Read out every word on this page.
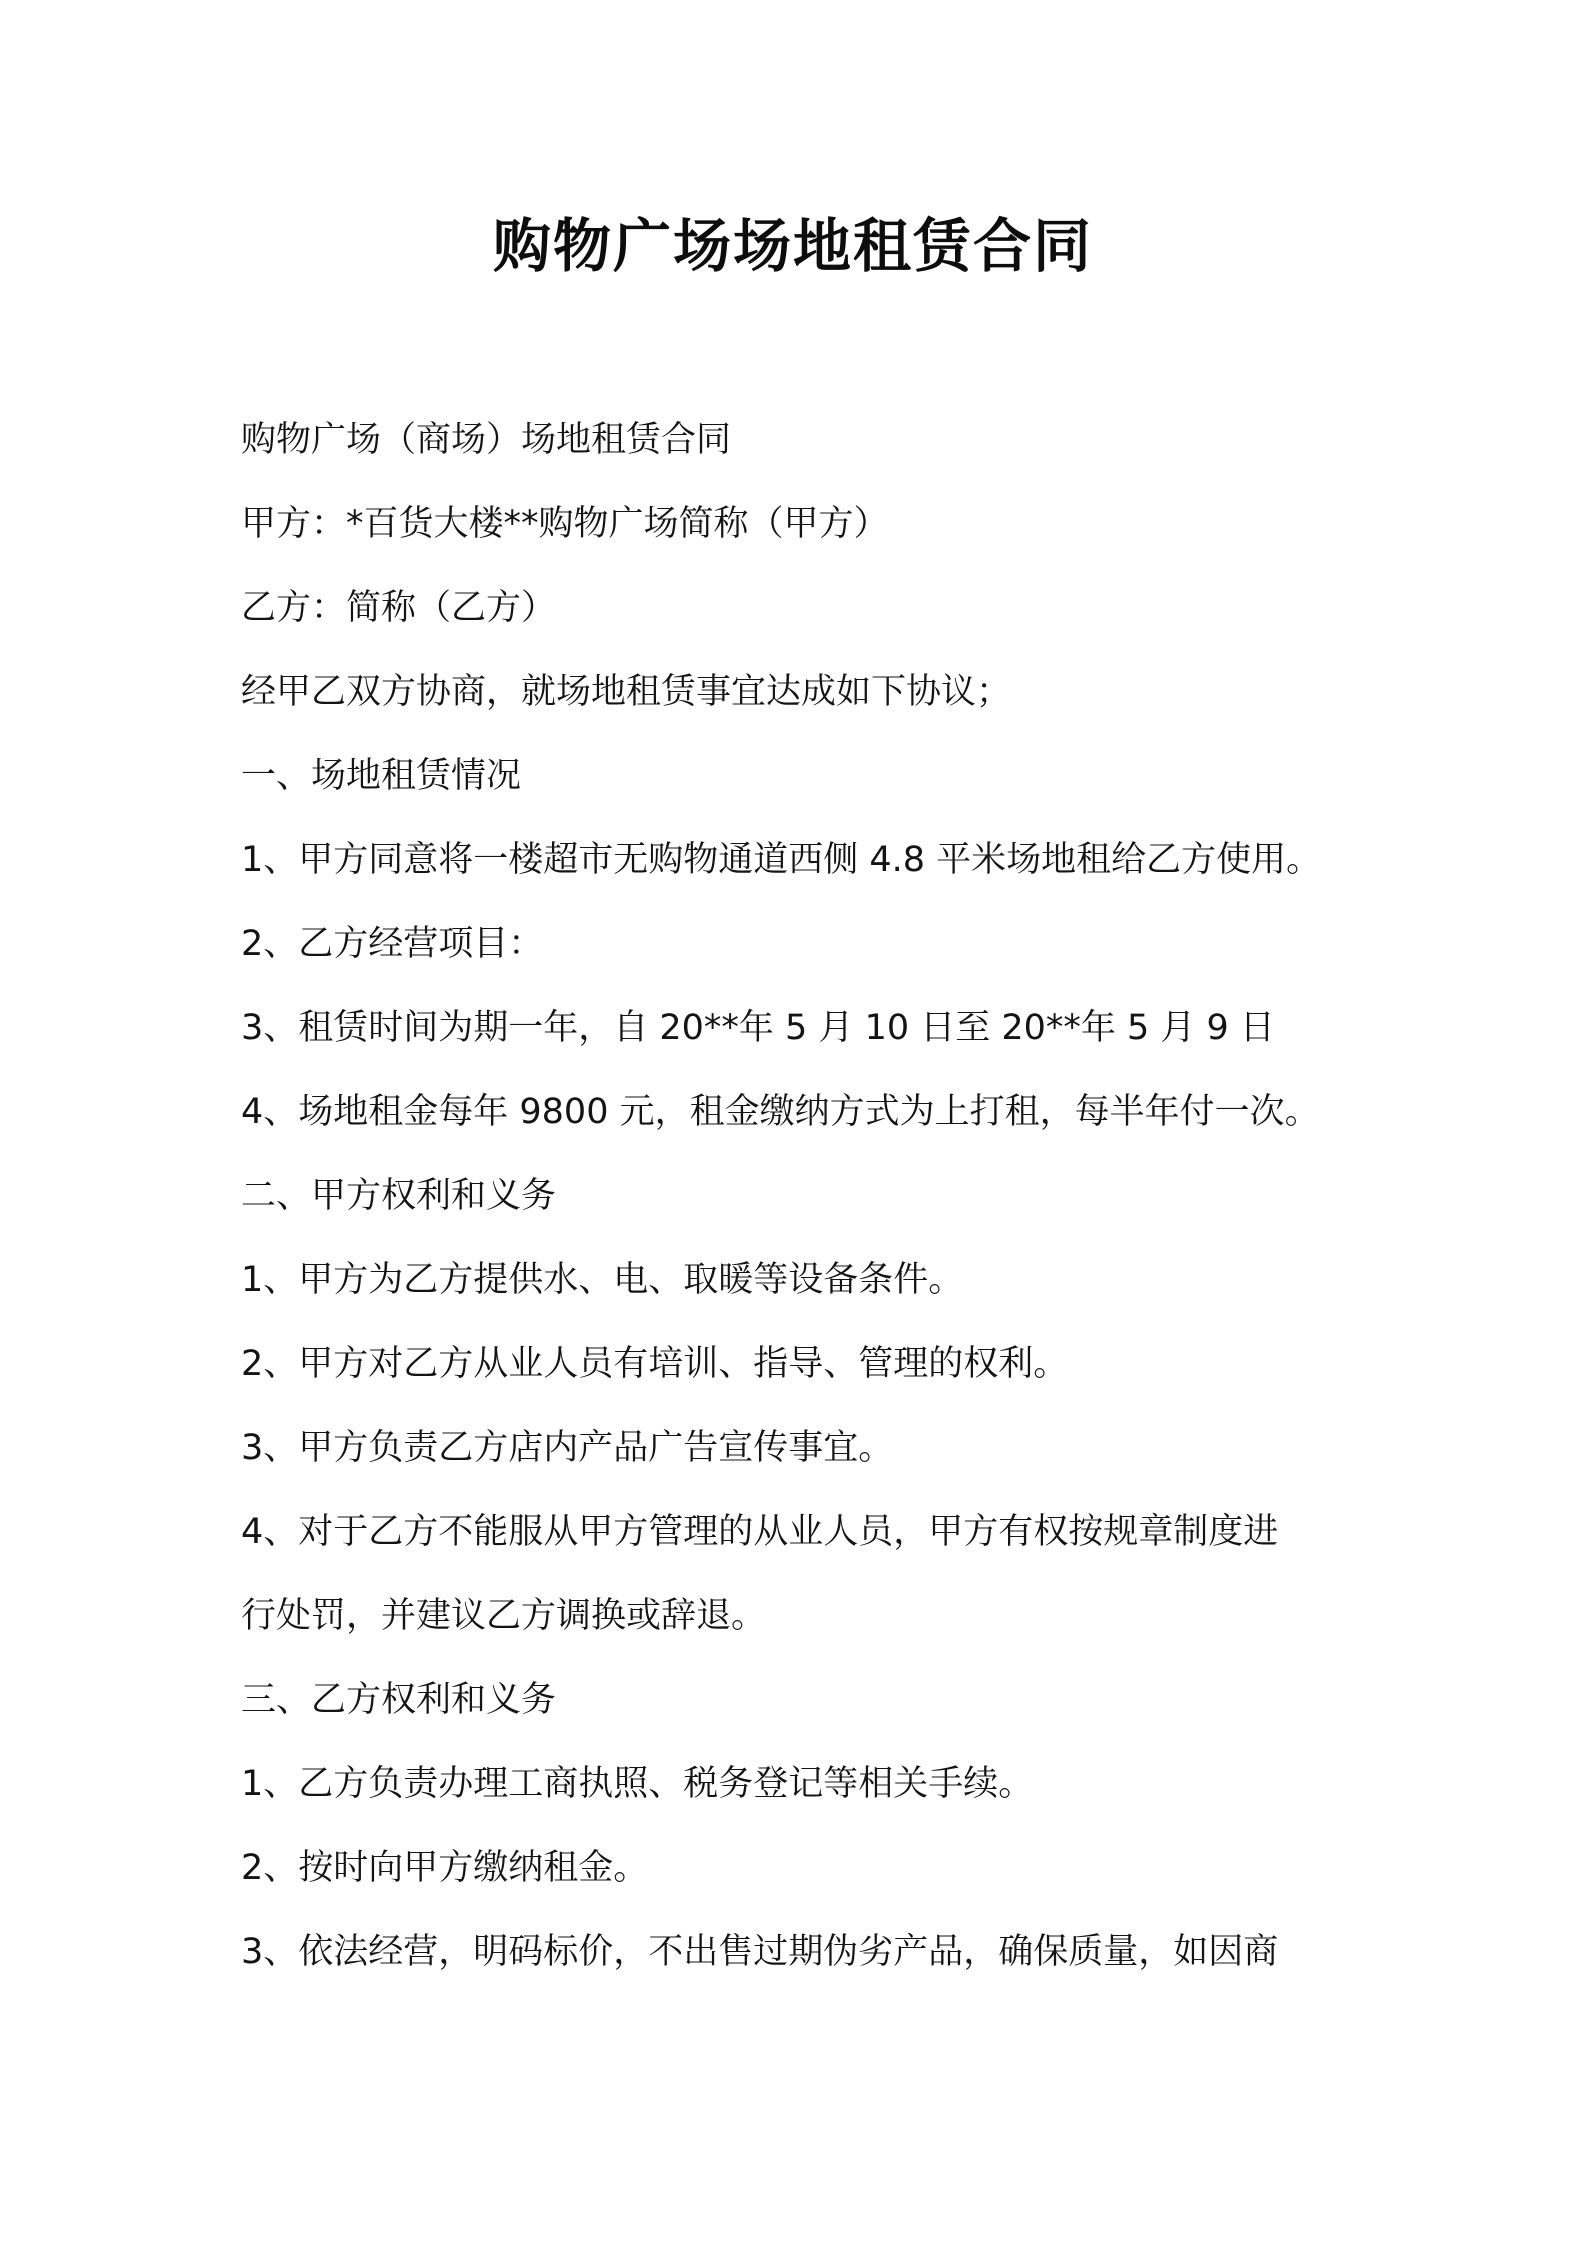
购物广场场地租赁合同
购物广场（商场）场地租赁合同
甲方：*百货大楼**购物广场简称（甲方）
乙方：简称（乙方）
经甲乙双方协商，就场地租赁事宜达成如下协议；
一、场地租赁情况
1、甲方同意将一楼超市无购物通道西侧 4.8 平米场地租给乙方使用。
2、乙方经营项目：
3、租赁时间为期一年，自 20**年 5 月 10 日至 20**年 5 月 9 日
4、场地租金每年 9800 元，租金缴纳方式为上打租，每半年付一次。
二、甲方权利和义务
1、甲方为乙方提供水、电、取暖等设备条件。
2、甲方对乙方从业人员有培训、指导、管理的权利。
3、甲方负责乙方店内产品广告宣传事宜。
4、对于乙方不能服从甲方管理的从业人员，甲方有权按规章制度进
行处罚，并建议乙方调换或辞退。
三、乙方权利和义务
1、乙方负责办理工商执照、税务登记等相关手续。
2、按时向甲方缴纳租金。
3、依法经营，明码标价，不出售过期伪劣产品，确保质量，如因商
